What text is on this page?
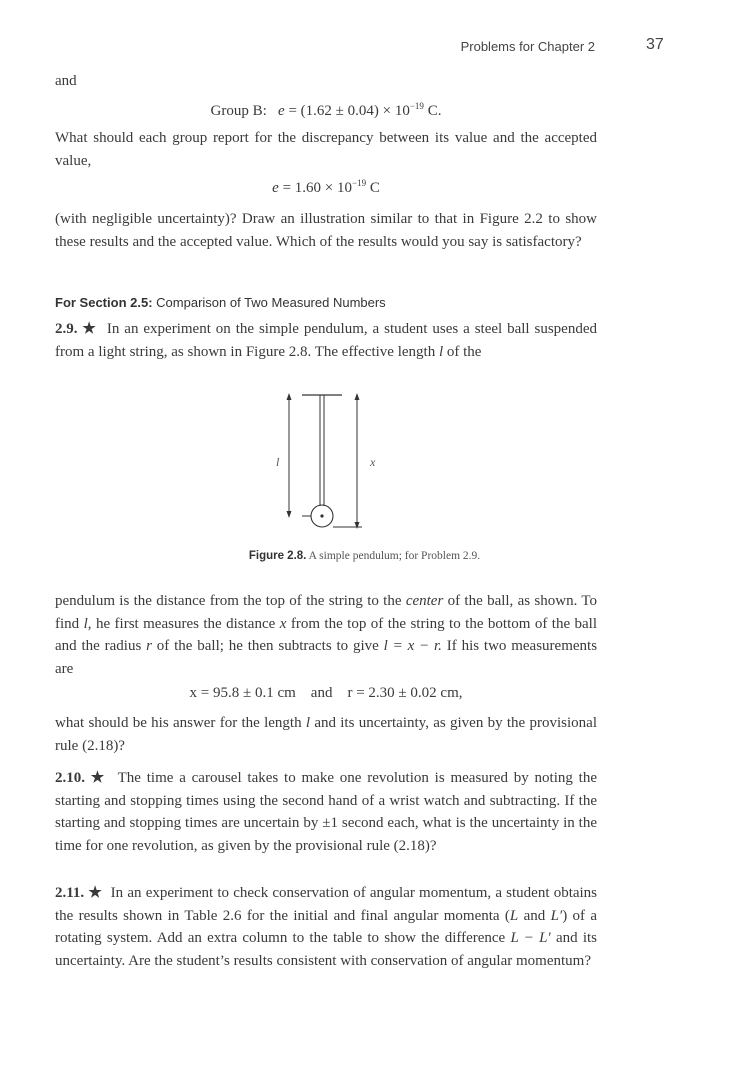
Problems for Chapter 2	37
and
Group B: $e = (1.62 \pm 0.04) \times 10^{-19}$ C.
What should each group report for the discrepancy between its value and the accepted value,
$e = 1.60 \times 10^{-19}$ C
(with negligible uncertainty)? Draw an illustration similar to that in Figure 2.2 to show these results and the accepted value. Which of the results would you say is satisfactory?
For Section 2.5: Comparison of Two Measured Numbers
2.9. ★ In an experiment on the simple pendulum, a student uses a steel ball suspended from a light string, as shown in Figure 2.8. The effective length l of the
l	x
Figure 2.8. A simple pendulum; for Problem 2.9.
pendulum is the distance from the top of the string to the center of the ball, as shown. To find l, he first measures the distance x from the top of the string to the bottom of the ball and the radius r of the ball; he then subtracts to give l = x − r. If his two measurements are
x = 95.8 ± 0.1 cm and r = 2.30 ± 0.02 cm,
what should be his answer for the length l and its uncertainty, as given by the provisional rule (2.18)?
2.10. ★ The time a carousel takes to make one revolution is measured by noting the starting and stopping times using the second hand of a wrist watch and subtracting. If the starting and stopping times are uncertain by ±1 second each, what is the uncertainty in the time for one revolution, as given by the provisional rule (2.18)?
2.11. ★ In an experiment to check conservation of angular momentum, a student obtains the results shown in Table 2.6 for the initial and final angular momenta (L and L′) of a rotating system. Add an extra column to the table to show the difference L − L′ and its uncertainty. Are the student’s results consistent with conservation of angular momentum?
